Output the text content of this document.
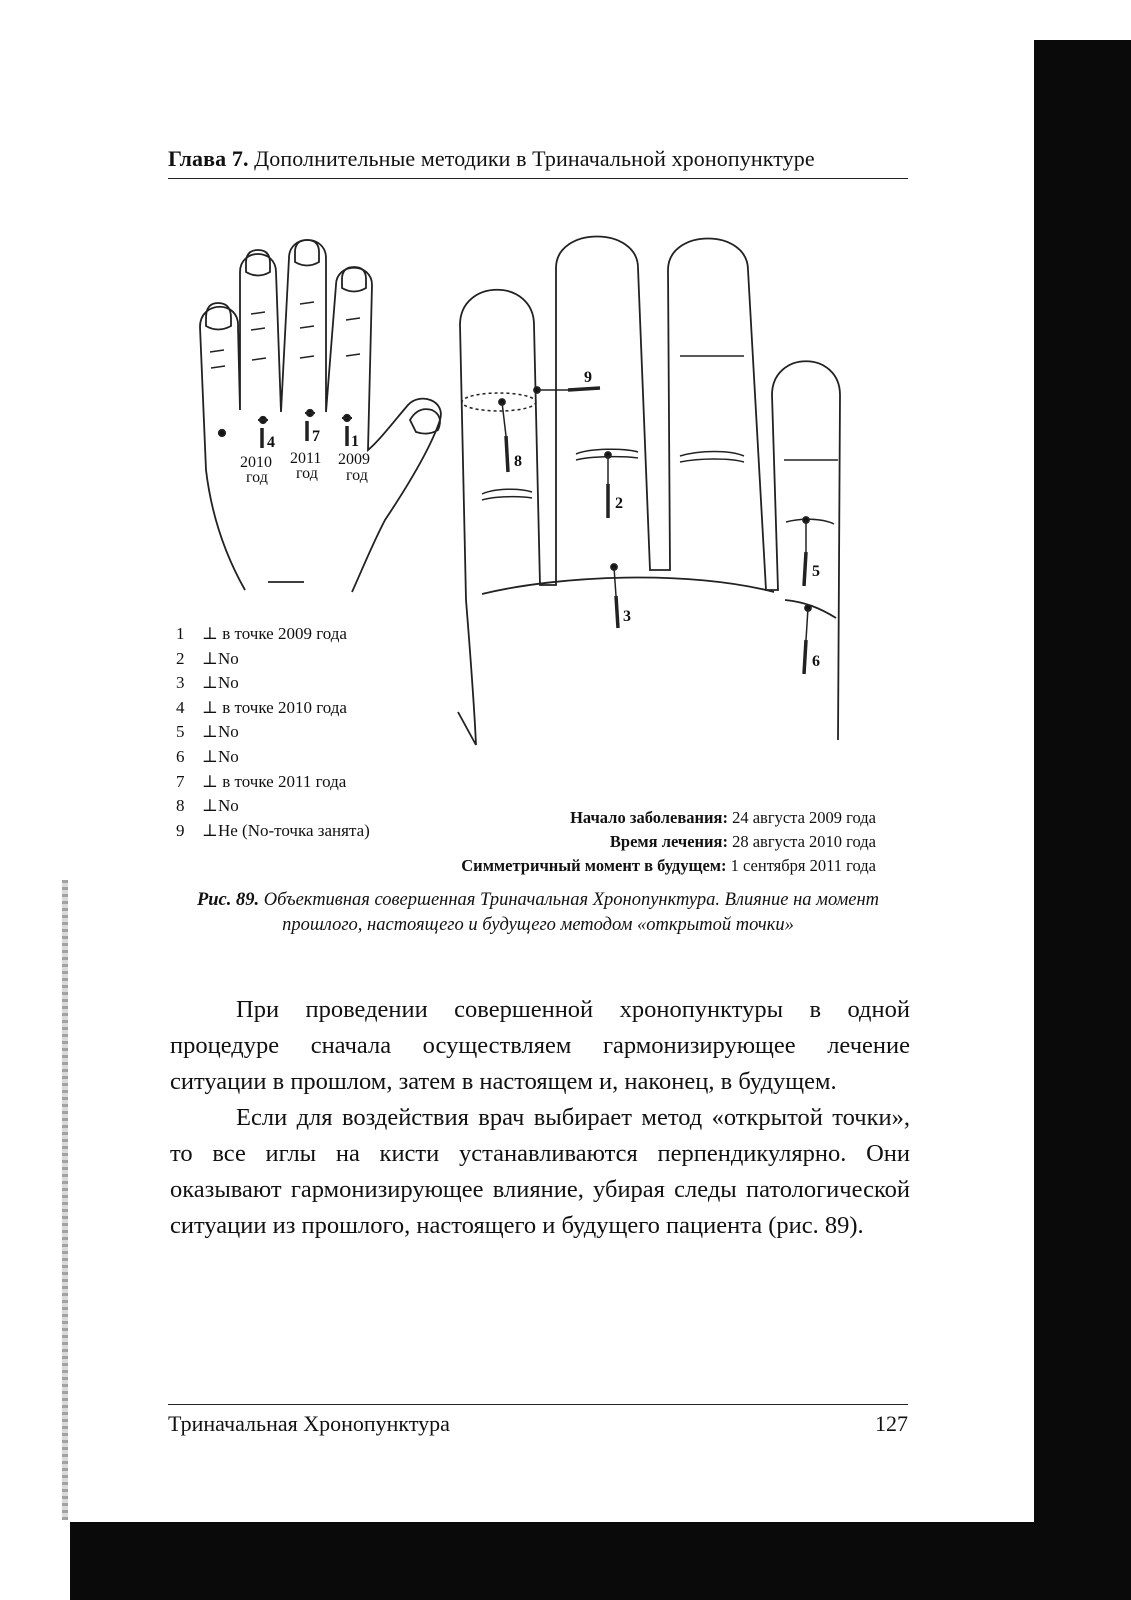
Глава 7. Дополнительные методики в Триначальной хронопунктуре
4 7 1
2010 2011 2009
год год год
9
8
2
3
5
6
1	⊥ в точке 2009 года
2	⊥No
3	⊥No
4	⊥ в точке 2010 года
5	⊥No
6	⊥No
7	⊥ в точке 2011 года
8	⊥No
9	⊥Не (No-точка занята)
Начало заболевания: 24 августа 2009 года
Время лечения: 28 августа 2010 года
Симметричный момент в будущем: 1 сентября 2011 года
Рис. 89. Объективная совершенная Триначальная Хронопунктура. Влияние на момент прошлого, настоящего и будущего методом «открытой точки»

При проведении совершенной хронопунктуры в одной процедуре сначала осуществляем гармонизирующее лечение ситуации в прошлом, затем в настоящем и, наконец, в будущем.

Если для воздействия врач выбирает метод «открытой точки», то все иглы на кисти устанавливаются перпендикулярно. Они оказывают гармонизирующее влияние, убирая следы патологической ситуации из прошлого, настоящего и будущего пациента (рис. 89).

Триначальная Хронопунктура	127
